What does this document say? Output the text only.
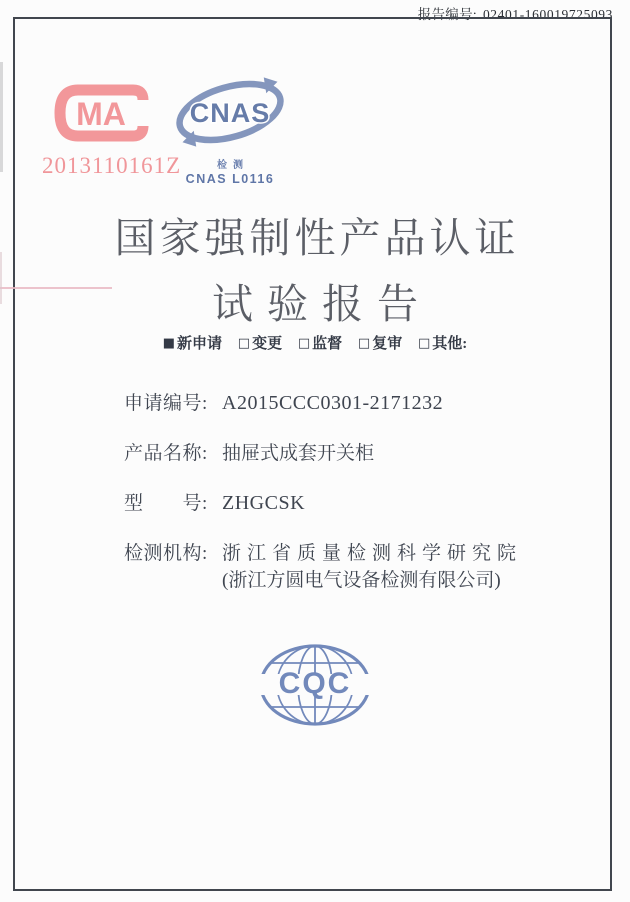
报告编号: 02401-160019725093
MA
2013110161Z
CNAS
检测
CNAS L0116
国家强制性产品认证
试验报告
■ 新申请 □ 变更 □ 监督 □ 复审 □ 其他:
申请编号: A2015CCC0301-2171232
产品名称: 抽屉式成套开关柜
型　　号: ZHGCSK
检测机构: 浙江省质量检测科学研究院
(浙江方圆电气设备检测有限公司)
CQC
